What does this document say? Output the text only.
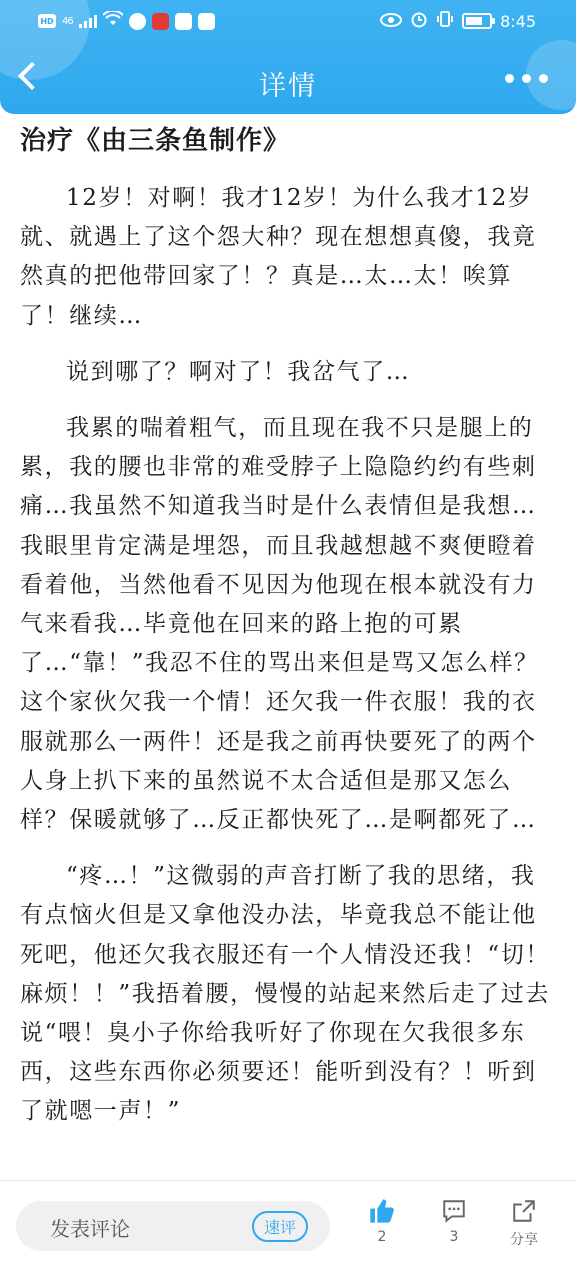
HD 46	8:45
详情
治疗《由三条鱼制作》

12岁！对啊！我才12岁！为什么我才12岁就、就遇上了这个怨大种？现在想想真傻，我竟然真的把他带回家了！？真是…太…太！唉算了！继续…

说到哪了？啊对了！我岔气了…

我累的喘着粗气，而且现在我不只是腿上的累，我的腰也非常的难受脖子上隐隐约约有些刺痛…我虽然不知道我当时是什么表情但是我想…我眼里肯定满是埋怨，而且我越想越不爽便瞪着看着他，当然他看不见因为他现在根本就没有力气来看我…毕竟他在回来的路上抱的可累了…“靠！”我忍不住的骂出来但是骂又怎么样？这个家伙欠我一个情！还欠我一件衣服！我的衣服就那么一两件！还是我之前再快要死了的两个人身上扒下来的虽然说不太合适但是那又怎么样？保暖就够了…反正都快死了…是啊都死了…

“疼…！”这微弱的声音打断了我的思绪，我有点恼火但是又拿他没办法，毕竟我总不能让他死吧，他还欠我衣服还有一个人情没还我！“切！麻烦！！”我捂着腰，慢慢的站起来然后走了过去说“喂！臭小子你给我听好了你现在欠我很多东西，这些东西你必须要还！能听到没有？！听到了就嗯一声！”

发表评论	速评	2	3	分享
